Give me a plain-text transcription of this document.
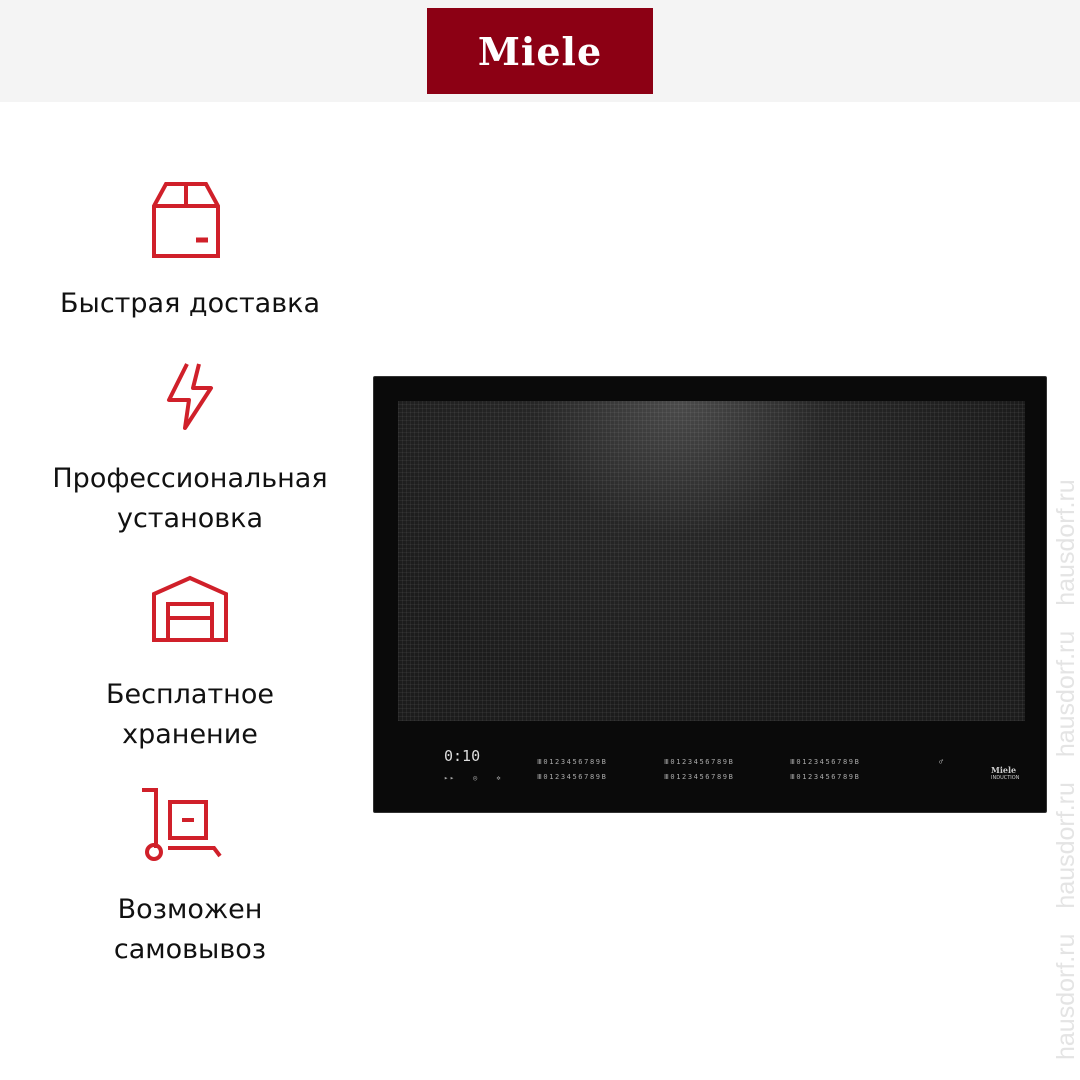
Miele
Быстрая доставка
Профессиональная
установка
Бесплатное
хранение
Возможен
самовывоз
0:10
▸▸   ◎   ✲
Ⅲ0123456789B
Ⅲ0123456789B
Ⅲ0123456789B
Ⅲ0123456789B
Ⅲ0123456789B
Ⅲ0123456789B
♂
Miele
INDUCTION hausdorf.ru hausdorf.ru hausdorf.ru hausdorf.ru
